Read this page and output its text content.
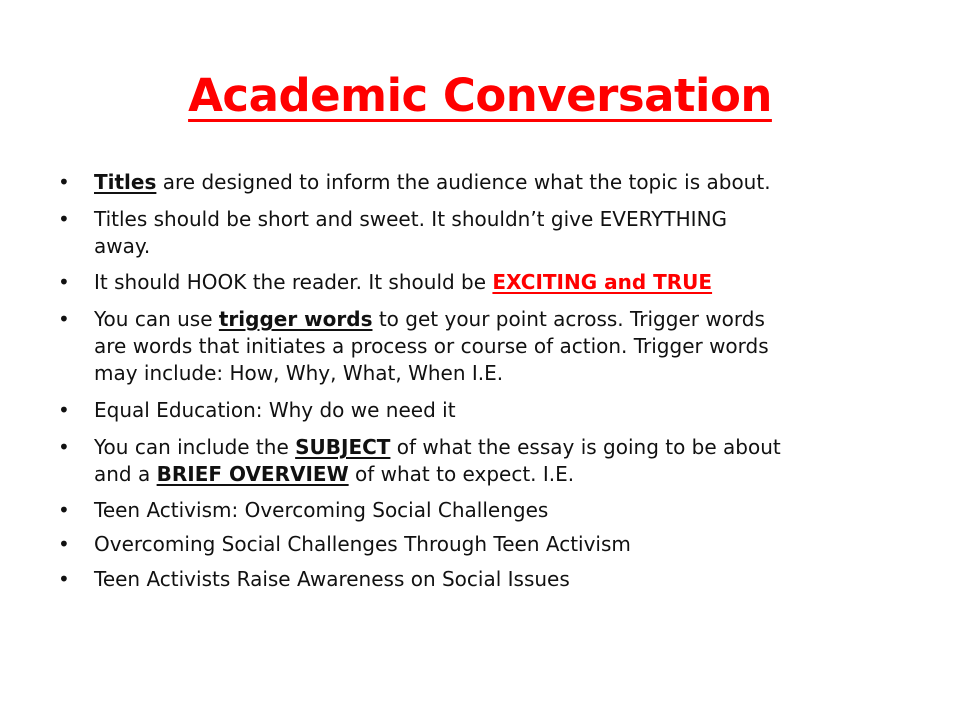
Academic Conversation
• Titles are designed to inform the audience what the topic is about.
• Titles should be short and sweet. It shouldn’t give EVERYTHING
away.
• It should HOOK the reader. It should be EXCITING and TRUE
• You can use trigger words to get your point across. Trigger words
are words that initiates a process or course of action. Trigger words
may include: How, Why, What, When I.E.
• Equal Education: Why do we need it
• You can include the SUBJECT of what the essay is going to be about
and a BRIEF OVERVIEW of what to expect. I.E.
• Teen Activism: Overcoming Social Challenges
• Overcoming Social Challenges Through Teen Activism
• Teen Activists Raise Awareness on Social Issues
